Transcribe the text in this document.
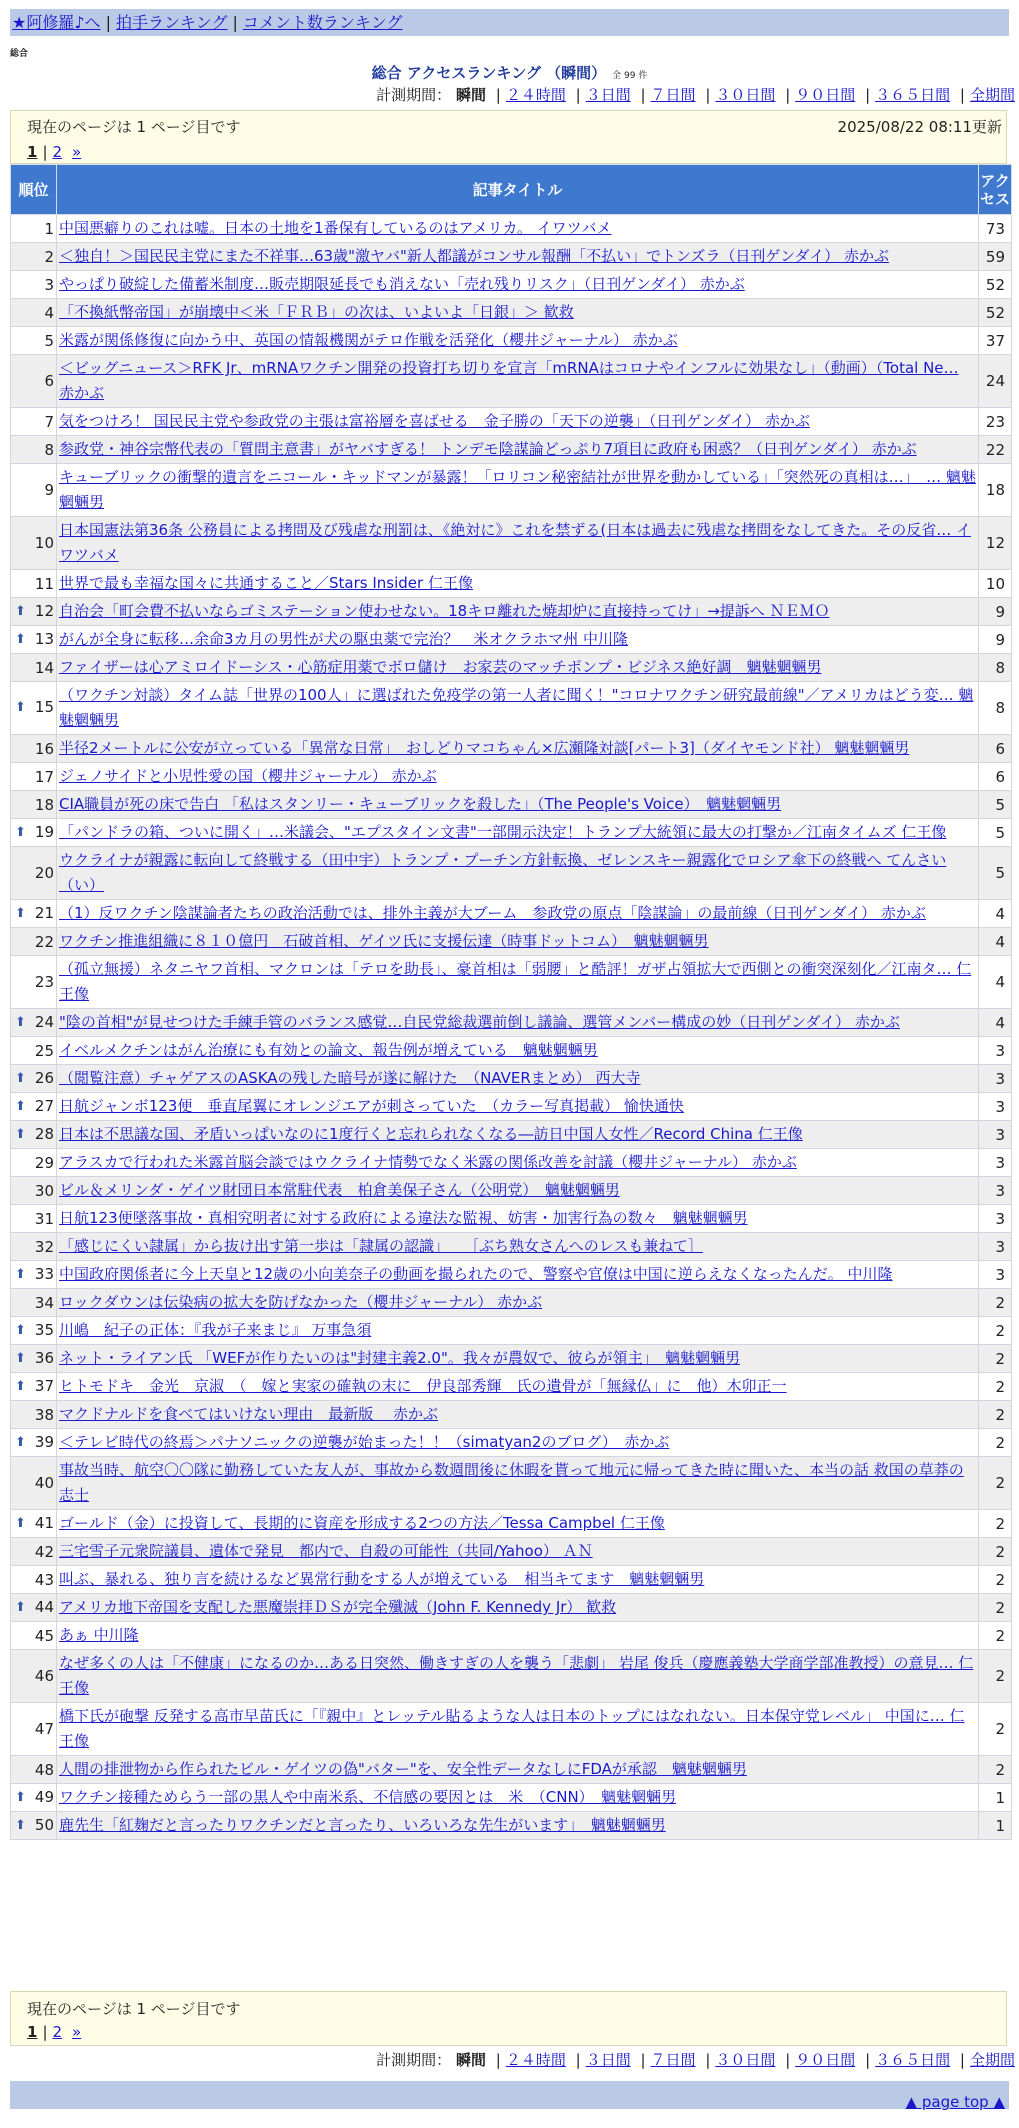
★阿修羅♪へ | 拍手ランキング | コメント数ランキング
総合
総合 アクセスランキング （瞬間） 全 99 件
計測期間： 瞬間 | ２４時間 | ３日間 | ７日間 | ３０日間 | ９０日間 | ３６５日間 | 全期間
現在のページは 1 ページ目です	2025/08/22 08:11更新
1 | 2 »
順位	記事タイトル	アクセス
1	中国悪癖りのこれは嘘。日本の土地を1番保有しているのはアメリカ。 イワツバメ	73
2	＜独自！＞国民民主党にまた不祥事…63歳"激ヤバ"新人都議がコンサル報酬「不払い」でトンズラ（日刊ゲンダイ） 赤かぶ	59
3	やっぱり破綻した備蓄米制度…販売期限延長でも消えない「売れ残りリスク」（日刊ゲンダイ） 赤かぶ	52
4	「不換紙幣帝国」が崩壊中＜米「ＦＲＢ」の次は、いよいよ「日銀」＞ 歓救	52
5	米露が関係修復に向かう中、英国の情報機関がテロ作戦を活発化（櫻井ジャーナル） 赤かぶ	37
6	＜ビッグニュース＞RFK Jr、mRNAワクチン開発の投資打ち切りを宣言「mRNAはコロナやインフルに効果なし」（動画）（Total Ne… 赤かぶ	24
7	気をつけろ！ 国民民主党や参政党の主張は富裕層を喜ばせる　金子勝の「天下の逆襲」（日刊ゲンダイ） 赤かぶ	23
8	参政党・神谷宗幣代表の「質問主意書」がヤバすぎる！ トンデモ陰謀論どっぷり7項目に政府も困惑？（日刊ゲンダイ） 赤かぶ	22
9	キューブリックの衝撃的遺言をニコール・キッドマンが暴露！「ロリコン秘密結社が世界を動かしている」「突然死の真相は…」　… 魑魅魍魎男	18
10	日本国憲法第36条 公務員による拷問及び残虐な刑罰は、《絶対に》これを禁ずる(日本は過去に残虐な拷問をなしてきた。その反省… イワツバメ	12
11	世界で最も幸福な国々に共通すること／Stars Insider 仁王像	10

⬆ 12	自治会「町会費不払いならゴミステーション使わせない。18キロ離れた焼却炉に直接持ってけ」→提訴へ ＮＥＭＯ	9

⬆ 13	がんが全身に転移…余命3カ月の男性が犬の駆虫薬で完治？　米オクラホマ州 中川隆	9
14	ファイザーは心アミロイドーシス・心筋症用薬でボロ儲け　お家芸のマッチポンプ・ビジネス絶好調　魑魅魍魎男	8

⬆ 15	（ワクチン対談）タイム誌「世界の100人」に選ばれた免疫学の第一人者に聞く！"コロナワクチン研究最前線"／アメリカはどう変… 魑魅魍魎男	8
16	半径2メートルに公安が立っている「異常な日常」　おしどりマコちゃん×広瀬隆対談[パート3]（ダイヤモンド社） 魑魅魍魎男	6
17	ジェノサイドと小児性愛の国（櫻井ジャーナル） 赤かぶ	6
18	CIA職員が死の床で告白 「私はスタンリー・キューブリックを殺した」（The People's Voice）　魑魅魍魎男	5

⬆ 19	「パンドラの箱、ついに開く」…米議会、"エプスタイン文書"一部開示決定！トランプ大統領に最大の打撃か／江南タイムズ 仁王像	5
20	ウクライナが親露に転向して終戦する（田中宇）トランプ・プーチン方針転換、ゼレンスキー親露化でロシア傘下の終戦へ てんさい（い）	5

⬆ 21	（1）反ワクチン陰謀論者たちの政治活動では、排外主義が大ブーム　参政党の原点「陰謀論」の最前線（日刊ゲンダイ） 赤かぶ	4
22	ワクチン推進組織に８１０億円　石破首相、ゲイツ氏に支援伝達（時事ドットコム）　魑魅魍魎男	4
23	（孤立無援）ネタニヤフ首相、マクロンは「テロを助長」、豪首相は「弱腰」と酷評！ガザ占領拡大で西側との衝突深刻化／江南タ… 仁王像	4

⬆ 24	"陰の首相"が見せつけた手練手管のバランス感覚…自民党総裁選前倒し議論、選管メンバー構成の妙（日刊ゲンダイ） 赤かぶ	4
25	イベルメクチンはがん治療にも有効との論文、報告例が増えている　魑魅魍魎男	3

⬆ 26	（閲覧注意）チャゲアスのASKAの残した暗号が遂に解けた　（NAVERまとめ） 西大寺	3

⬆ 27	日航ジャンボ123便　垂直尾翼にオレンジエアが刺さっていた　（カラー写真掲載） 愉快通快	3

⬆ 28	日本は不思議な国、矛盾いっぱいなのに1度行くと忘れられなくなる―訪日中国人女性／Record China 仁王像	3
29	アラスカで行われた米露首脳会談ではウクライナ情勢でなく米露の関係改善を討議（櫻井ジャーナル） 赤かぶ	3
30	ビル＆メリンダ・ゲイツ財団日本常駐代表　柏倉美保子さん（公明党）　魑魅魍魎男	3
31	日航123便墜落事故・真相究明者に対する政府による違法な監視、妨害・加害行為の数々　魑魅魍魎男	3
32	「感じにくい隷属」から抜け出す第一歩は「隷属の認識」　　［ぶち熟女さんへのレスも兼ねて］	3

⬆ 33	中国政府関係者に今上天皇と12歳の小向美奈子の動画を撮られたので、警察や官僚は中国に逆らえなくなったんだ。 中川隆	3
34	ロックダウンは伝染病の拡大を防げなかった（櫻井ジャーナル） 赤かぶ	2

⬆ 35	川嶋　紀子の正体：『我が子来まじ』 万事急須	2

⬆ 36	ネット・ライアン氏 「WEFが作りたいのは"封建主義2.0"。我々が農奴で、彼らが領主」　魑魅魍魎男	2

⬆ 37	ヒトモドキ　金光　京淑　（　嫁と実家の確執の末に　伊良部秀輝　氏の遺骨が「無縁仏」に　他）木卯正一	2
38	マクドナルドを食べてはいけない理由　最新版　 赤かぶ	2

⬆ 39	＜テレビ時代の終焉＞パナソニックの逆襲が始まった！！（simatyan2のブログ）　赤かぶ	2
40	事故当時、航空〇〇隊に勤務していた友人が、事故から数週間後に休暇を貰って地元に帰ってきた時に聞いた、本当の話 救国の草莽の志士	2

⬆ 41	ゴールド（金）に投資して、長期的に資産を形成する2つの方法／Tessa Campbel 仁王像	2
42	三宅雪子元衆院議員、遺体で発見　都内で、自殺の可能性（共同/Yahoo） ＡＮ	2
43	叫ぶ、暴れる、独り言を続けるなど異常行動をする人が増えている　相当キてます　魑魅魍魎男	2

⬆ 44	アメリカ地下帝国を支配した悪魔崇拝ＤＳが完全殲滅（John F. Kennedy Jr） 歓救	2
45	あぁ 中川隆	2
46	なぜ多くの人は「不健康」になるのか…ある日突然、働きすぎの人を襲う「悲劇」 岩尾 俊兵（慶應義塾大学商学部准教授）の意見… 仁王像	2
47	橋下氏が砲撃 反発する高市早苗氏に「『親中』とレッテル貼るような人は日本のトップにはなれない。日本保守党レベル」 中国に… 仁王像	2
48	人間の排泄物から作られたビル・ゲイツの偽"バター"を、安全性データなしにFDAが承認　魑魅魍魎男	2

⬆ 49	ワクチン接種ためらう一部の黒人や中南米系、不信感の要因とは　米　（CNN）　魑魅魍魎男	1

⬆ 50	鹿先生「紅麹だと言ったりワクチンだと言ったり、いろいろな先生がいます」　魑魅魍魎男	1
現在のページは 1 ページ目です
1 | 2 »
計測期間： 瞬間 | ２４時間 | ３日間 | ７日間 | ３０日間 | ９０日間 | ３６５日間 | 全期間
▲ page top ▲
